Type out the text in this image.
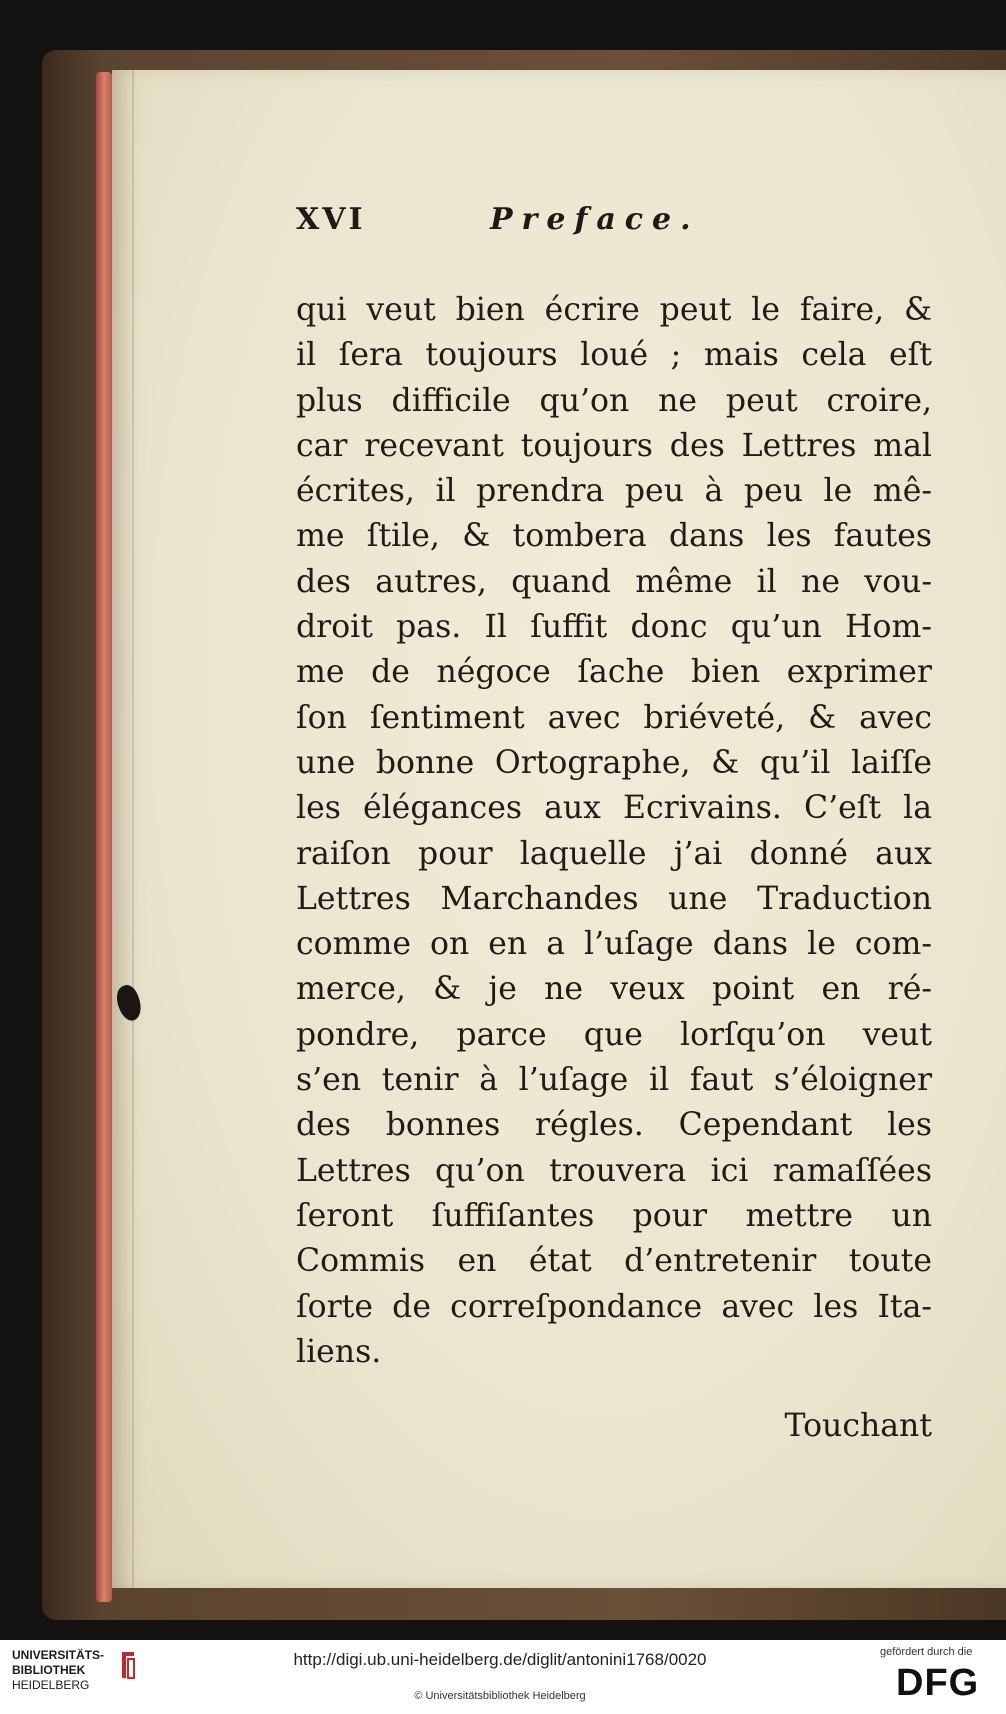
XVI	Preface.
qui veut bien écrire peut le faire, &
il ſera toujours loué ; mais cela eſt
plus difficile qu’on ne peut croire,
car recevant toujours des Lettres mal
écrites, il prendra peu à peu le mê-
me ſtile, & tombera dans les fautes
des autres, quand même il ne vou-
droit pas. Il ſuffit donc qu’un Hom-
me de négoce ſache bien exprimer
ſon ſentiment avec briéveté, & avec
une bonne Ortographe, & qu’il laiſſe
les élégances aux Ecrivains. C’eſt la
raiſon pour laquelle j’ai donné aux
Lettres Marchandes une Traduction
comme on en a l’uſage dans le com-
merce, & je ne veux point en ré-
pondre, parce que lorſqu’on veut
s’en tenir à l’uſage il faut s’éloigner
des bonnes régles. Cependant les
Lettres qu’on trouvera ici ramaſſées
ſeront ſuffiſantes pour mettre un
Commis en état d’entretenir toute
ſorte de correſpondance avec les Ita-
liens.
Touchant
UNIVERSITÄTS-
BIBLIOTHEK
HEIDELBERG
http://digi.ub.uni-heidelberg.de/diglit/antonini1768/0020
© Universitätsbibliothek Heidelberg
gefördert durch die
DFG
